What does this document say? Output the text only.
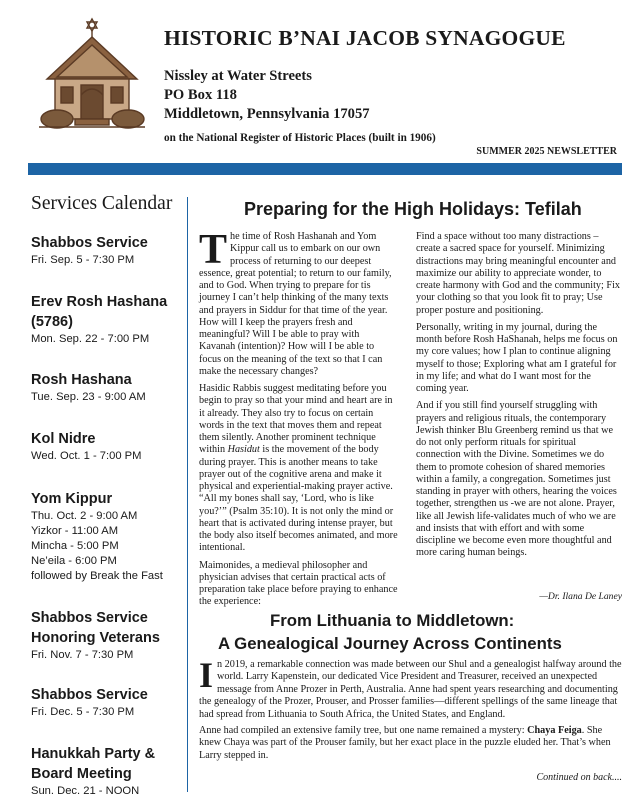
HISTORIC B’NAI JACOB SYNAGOGUE
Nissley at Water Streets
PO Box 118
Middletown, Pennsylvania 17057
on the National Register of Historic Places (built in 1906)
SUMMER 2025 NEWSLETTER
Services Calendar
Shabbos Service
Fri. Sep. 5 - 7:30 PM
Erev Rosh Hashana (5786)
Mon. Sep. 22 - 7:00 PM
Rosh Hashana
Tue. Sep. 23 - 9:00 AM
Kol Nidre
Wed. Oct. 1 - 7:00 PM
Yom Kippur
Thu. Oct. 2 - 9:00 AM
Yizkor - 11:00 AM
Mincha - 5:00 PM
Ne’eila - 6:00 PM
followed by Break the Fast
Shabbos Service Honoring Veterans
Fri. Nov. 7 - 7:30 PM
Shabbos Service
Fri. Dec. 5 - 7:30 PM
Hanukkah Party & Board Meeting
Sun. Dec. 21 - NOON
Preparing for the High Holidays: Tefilah

The time of Rosh Hashanah and Yom Kippur call us to embark on our own process of returning to our deepest essence, great potential; to return to our family, and to God. When trying to prepare for tis journey I can’t help thinking of the many texts and prayers in Siddur for that time of the year. How will I keep the prayers fresh and meaningful? Will I be able to pray with Kavanah (intention)? How will I be able to focus on the meaning of the text so that I can make the necessary changes?

Hasidic Rabbis suggest meditating before you begin to pray so that your mind and heart are in it already. They also try to focus on certain words in the text that moves them and repeat them silently. Another prominent technique within Hasidut is the movement of the body during prayer. This is another means to take prayer out of the cognitive arena and make it physical and experiential-making prayer active. “All my bones shall say, ‘Lord, who is like you?’” (Psalm 35:10). It is not only the mind or heart that is activated during intense prayer, but the body also itself becomes animated, and more intentional.

Maimonides, a medieval philosopher and physician advises that certain practical acts of preparation take place before praying to enhance the experience:

Find a space without too many distractions – create a sacred space for yourself. Minimizing distractions may bring meaningful encounter and maximize our ability to appreciate wonder, to create harmony with God and the community; Fix your clothing so that you look fit to pray; Use proper posture and positioning.

Personally, writing in my journal, during the month before Rosh HaShanah, helps me focus on my core values; how I plan to continue aligning myself to those; Exploring what am I grateful for in my life; and what do I want most for the coming year.

And if you still find yourself struggling with prayers and religious rituals, the contemporary Jewish thinker Blu Greenberg remind us that we do not only perform rituals for spiritual connection with the Divine. Sometimes we do them to promote cohesion of shared memories within a family, a congregation. Sometimes just standing in prayer with others, hearing the voices together, strengthen us -we are not alone. Prayer, like all Jewish life-validates much of who we are and insists that with effort and with some discipline we become even more thoughtful and more caring human beings.

—Dr. Ilana De Laney
From Lithuania to Middletown:
A Genealogical Journey Across Continents

In 2019, a remarkable connection was made between our Shul and a genealogist halfway around the world. Larry Kapenstein, our dedicated Vice President and Treasurer, received an unexpected message from Anne Prozer in Perth, Australia. Anne had spent years researching and documenting the genealogy of the Prozer, Prouser, and Prosser families—different spellings of the same lineage that had spread from Lithuania to South Africa, the United States, and England.

Anne had compiled an extensive family tree, but one name remained a mystery: Chaya Feiga. She knew Chaya was part of the Prouser family, but her exact place in the puzzle eluded her. That’s when Larry stepped in.

Continued on back....
